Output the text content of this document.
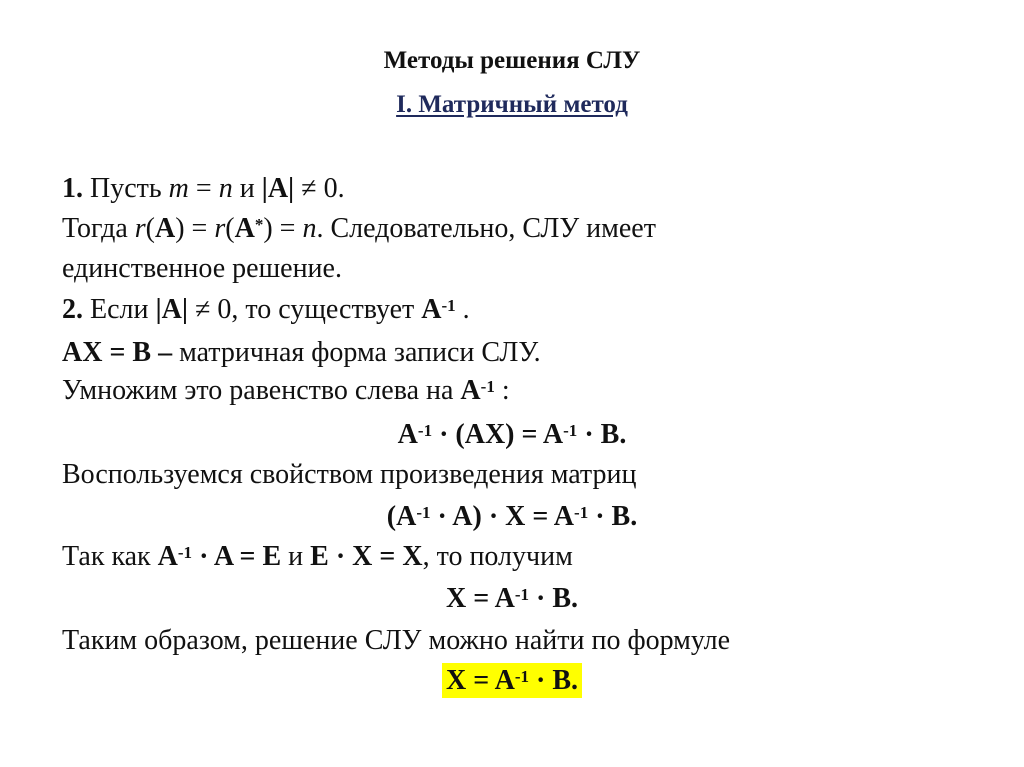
Методы решения СЛУ
I. Матричный метод
1. Пусть m = n и |A| ≠ 0.
Тогда r(A) = r(A*) = n. Следовательно, СЛУ имеет
единственное решение.
2. Если |A| ≠ 0, то существует $A^{-1}$ .
AX = B – матричная форма записи СЛУ.
Умножим это равенство слева на $A^{-1}$ :
$A^{-1} \cdot (AX) = A^{-1} \cdot B$.
Воспользуемся свойством произведения матриц
$(A^{-1} \cdot A) \cdot X = A^{-1} \cdot B$.
Так как $A^{-1} \cdot A = E$ и E · X = X, то получим
$X = A^{-1} \cdot B$.
Таким образом, решение СЛУ можно найти по формуле
$X = A^{-1} \cdot B$.
